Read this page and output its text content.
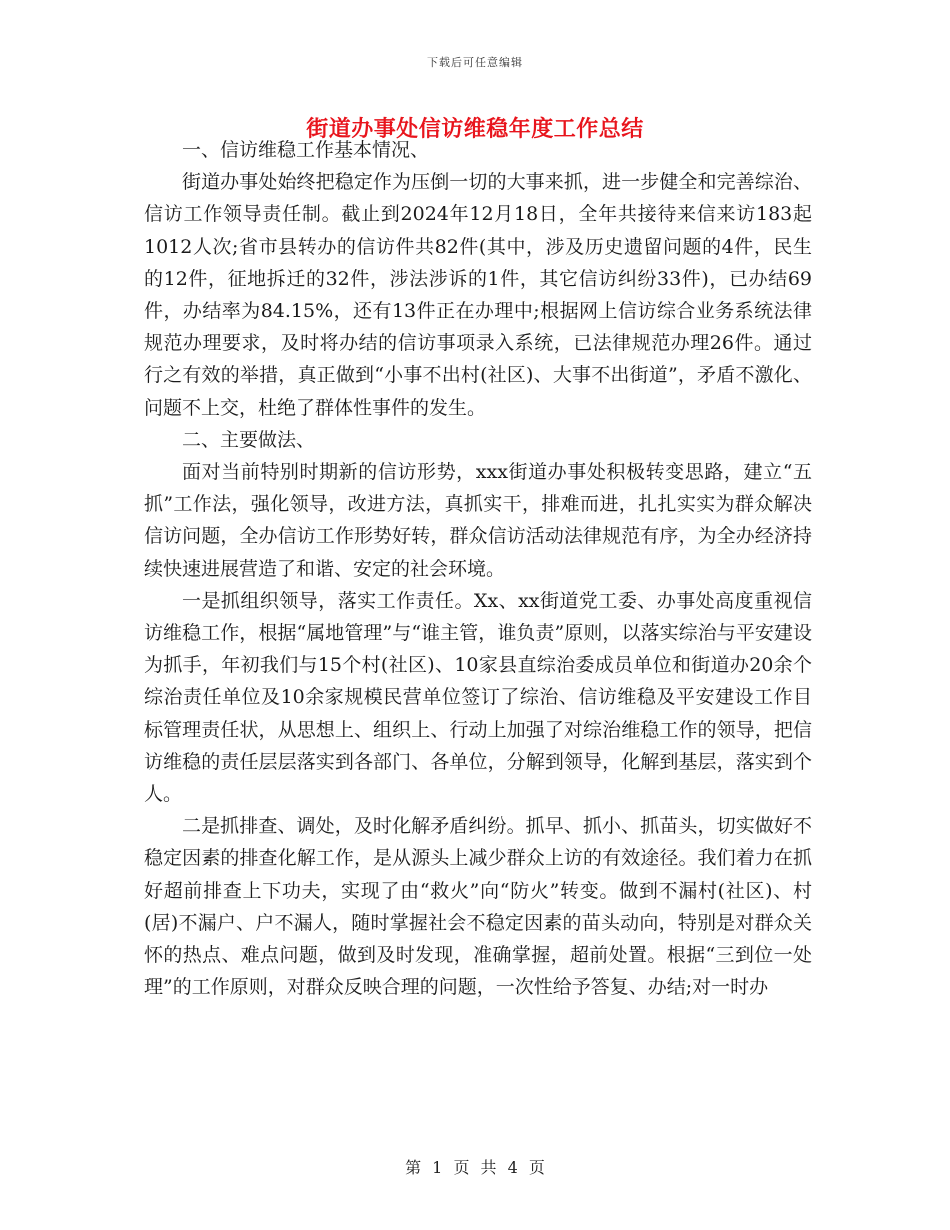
下载后可任意编辑
街道办事处信访维稳年度工作总结

一、信访维稳工作基本情况、

街道办事处始终把稳定作为压倒一切的大事来抓，进一步健全和完善综治、信访工作领导责任制。截止到2024年12月18日，全年共接待来信来访183起1012人次;省市县转办的信访件共82件(其中，涉及历史遗留问题的4件，民生的12件，征地拆迁的32件，涉法涉诉的1件，其它信访纠纷33件)，已办结69件，办结率为84.15%，还有13件正在办理中;根据网上信访综合业务系统法律规范办理要求，及时将办结的信访事项录入系统，已法律规范办理26件。通过行之有效的举措，真正做到“小事不出村(社区)、大事不出街道”，矛盾不激化、问题不上交，杜绝了群体性事件的发生。

二、主要做法、

面对当前特别时期新的信访形势，xxx街道办事处积极转变思路，建立“五抓”工作法，强化领导，改进方法，真抓实干，排难而进，扎扎实实为群众解决信访问题，全办信访工作形势好转，群众信访活动法律规范有序，为全办经济持续快速进展营造了和谐、安定的社会环境。

一是抓组织领导，落实工作责任。Xx、xx街道党工委、办事处高度重视信访维稳工作，根据“属地管理”与“谁主管，谁负责”原则，以落实综治与平安建设为抓手，年初我们与15个村(社区)、10家县直综治委成员单位和街道办20余个综治责任单位及10余家规模民营单位签订了综治、信访维稳及平安建设工作目标管理责任状，从思想上、组织上、行动上加强了对综治维稳工作的领导，把信访维稳的责任层层落实到各部门、各单位，分解到领导，化解到基层，落实到个人。

二是抓排查、调处，及时化解矛盾纠纷。抓早、抓小、抓苗头，切实做好不稳定因素的排查化解工作，是从源头上减少群众上访的有效途径。我们着力在抓好超前排查上下功夫，实现了由“救火”向“防火”转变。做到不漏村(社区)、村(居)不漏户、户不漏人，随时掌握社会不稳定因素的苗头动向，特别是对群众关怀的热点、难点问题，做到及时发现，准确掌握，超前处置。根据“三到位一处理”的工作原则，对群众反映合理的问题，一次性给予答复、办结;对一时办

第 1 页 共 4 页
